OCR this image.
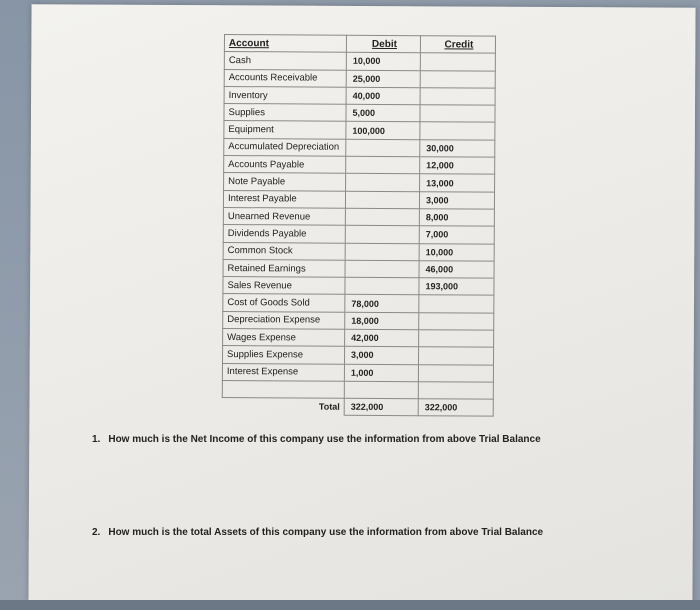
Account	Debit	Credit
Cash	10,000	
Accounts Receivable	25,000	
Inventory	40,000	
Supplies	5,000	
Equipment	100,000	
Accumulated Depreciation		30,000
Accounts Payable		12,000
Note Payable		13,000
Interest Payable		3,000
Unearned Revenue		8,000
Dividends Payable		7,000
Common Stock		10,000
Retained Earnings		46,000
Sales Revenue		193,000
Cost of Goods Sold	78,000	
Depreciation Expense	18,000	
Wages Expense	42,000	
Supplies Expense	3,000	
Interest Expense	1,000	

Total	322,000	322,000
1. How much is the Net Income of this company use the information from above Trial Balance
2. How much is the total Assets of this company use the information from above Trial Balance
